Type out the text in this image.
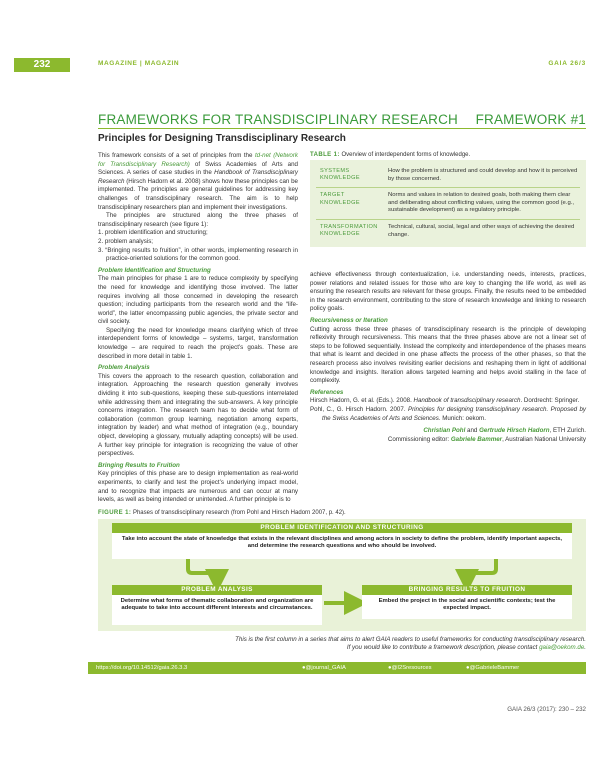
232	MAGAZINE | MAGAZIN	GAIA 26/3
FRAMEWORKS FOR TRANSDISCIPLINARY RESEARCH FRAMEWORK #1
Principles for Designing Transdisciplinary Research

This framework consists of a set of principles from the td-net (Network for Transdisciplinary Research) of Swiss Academies of Arts and Sciences. A series of case studies in the Handbook of Transdisciplinary Research (Hirsch Hadorn et al. 2008) shows how these principles can be implemented. The principles are general guidelines for addressing key challenges of transdisciplinary research. The aim is to help transdisciplinary researchers plan and implement their investigations.

The principles are structured along the three phases of transdisciplinary research (see figure 1):

1. problem identification and structuring;

2. problem analysis;

3. “Bringing results to fruition”, in other words, implementing research in practice-oriented solutions for the common good.

Problem Identification and Structuring

The main principles for phase 1 are to reduce complexity by specifying the need for knowledge and identifying those involved. The latter requires involving all those concerned in developing the research question; including participants from the research world and the “life-world”, the latter encompassing public agencies, the private sector and civil society.

Specifying the need for knowledge means clarifying which of three interdependent forms of knowledge – systems, target, transformation knowledge – are required to reach the project’s goals. These are described in more detail in table 1.

Problem Analysis

This covers the approach to the research question, collaboration and integration. Approaching the research question generally involves dividing it into sub-questions, keeping these sub-questions interrelated while addressing them and integrating the sub-answers. A key principle concerns integration. The research team has to decide what form of collaboration (common group learning, negotiation among experts, integration by leader) and what method of integration (e.g., boundary object, developing a glossary, mutually adapting concepts) will be used. A further key principle for integration is recognizing the value of other perspectives.

Bringing Results to Fruition

Key principles of this phase are to design implementation as real-world experiments, to clarify and test the project’s underlying impact model, and to recognize that impacts are numerous and can occur at many levels, as well as being intended or unintended. A further principle is to

TABLE 1: Overview of interdependent forms of knowledge.
SYSTEMS KNOWLEDGE
How the problem is structured and could develop and how it is perceived by those concerned.
TARGET KNOWLEDGE
Norms and values in relation to desired goals, both making them clear and deliberating about conflicting values, using the common good (e.g., sustainable development) as a regulatory principle.
TRANSFORMATION KNOWLEDGE
Technical, cultural, social, legal and other ways of achieving the desired change.

achieve effectiveness through contextualization, i.e. understanding needs, interests, practices, power relations and related issues for those who are key to changing the life world, as well as ensuring the research results are relevant for these groups. Finally, the results need to be embedded in the research environment, contributing to the store of research knowledge and linking to research policy goals.

Recursiveness or Iteration

Cutting across these three phases of transdisciplinary research is the principle of developing reflexivity through recursiveness. This means that the three phases above are not a linear set of steps to be followed sequentially. Instead the complexity and interdependence of the phases means that what is learnt and decided in one phase affects the process of the other phases, so that the research process also involves revisiting earlier decisions and reshaping them in light of additional knowledge and insights. Iteration allows targeted learning and helps avoid stalling in the face of complexity.

References

Hirsch Hadorn, G. et al. (Eds.). 2008. Handbook of transdisciplinary research. Dordrecht: Springer.

Pohl, C., G. Hirsch Hadorn. 2007. Principles for designing transdisciplinary research. Proposed by the Swiss Academies of Arts and Sciences. Munich: oekom.

Christian Pohl and Gertrude Hirsch Hadorn, ETH Zurich.

Commissioning editor: Gabriele Bammer, Australian National University

FIGURE 1: Phases of transdisciplinary research (from Pohl and Hirsch Hadorn 2007, p. 42).
PROBLEM IDENTIFICATION AND STRUCTURING
Take into account the state of knowledge that exists in the relevant disciplines and among actors in society to define the problem, identify important aspects, and determine the research questions and who should be involved.
PROBLEM ANALYSIS
Determine what forms of thematic collaboration and organization are adequate to take into account different interests and circumstances.
BRINGING RESULTS TO FRUITION
Embed the project in the social and scientific contexts; test the expected impact.
This is the first column in a series that aims to alert GAIA readers to useful frameworks for conducting transdisciplinary research.
If you would like to contribute a framework description, please contact gaia@oekom.de.
https://doi.org/10.14512/gaia.26.3.3	● @journal_GAIA	● @I2Sresources	● @GabrieleBammer
GAIA 26/3 (2017): 230 – 232
